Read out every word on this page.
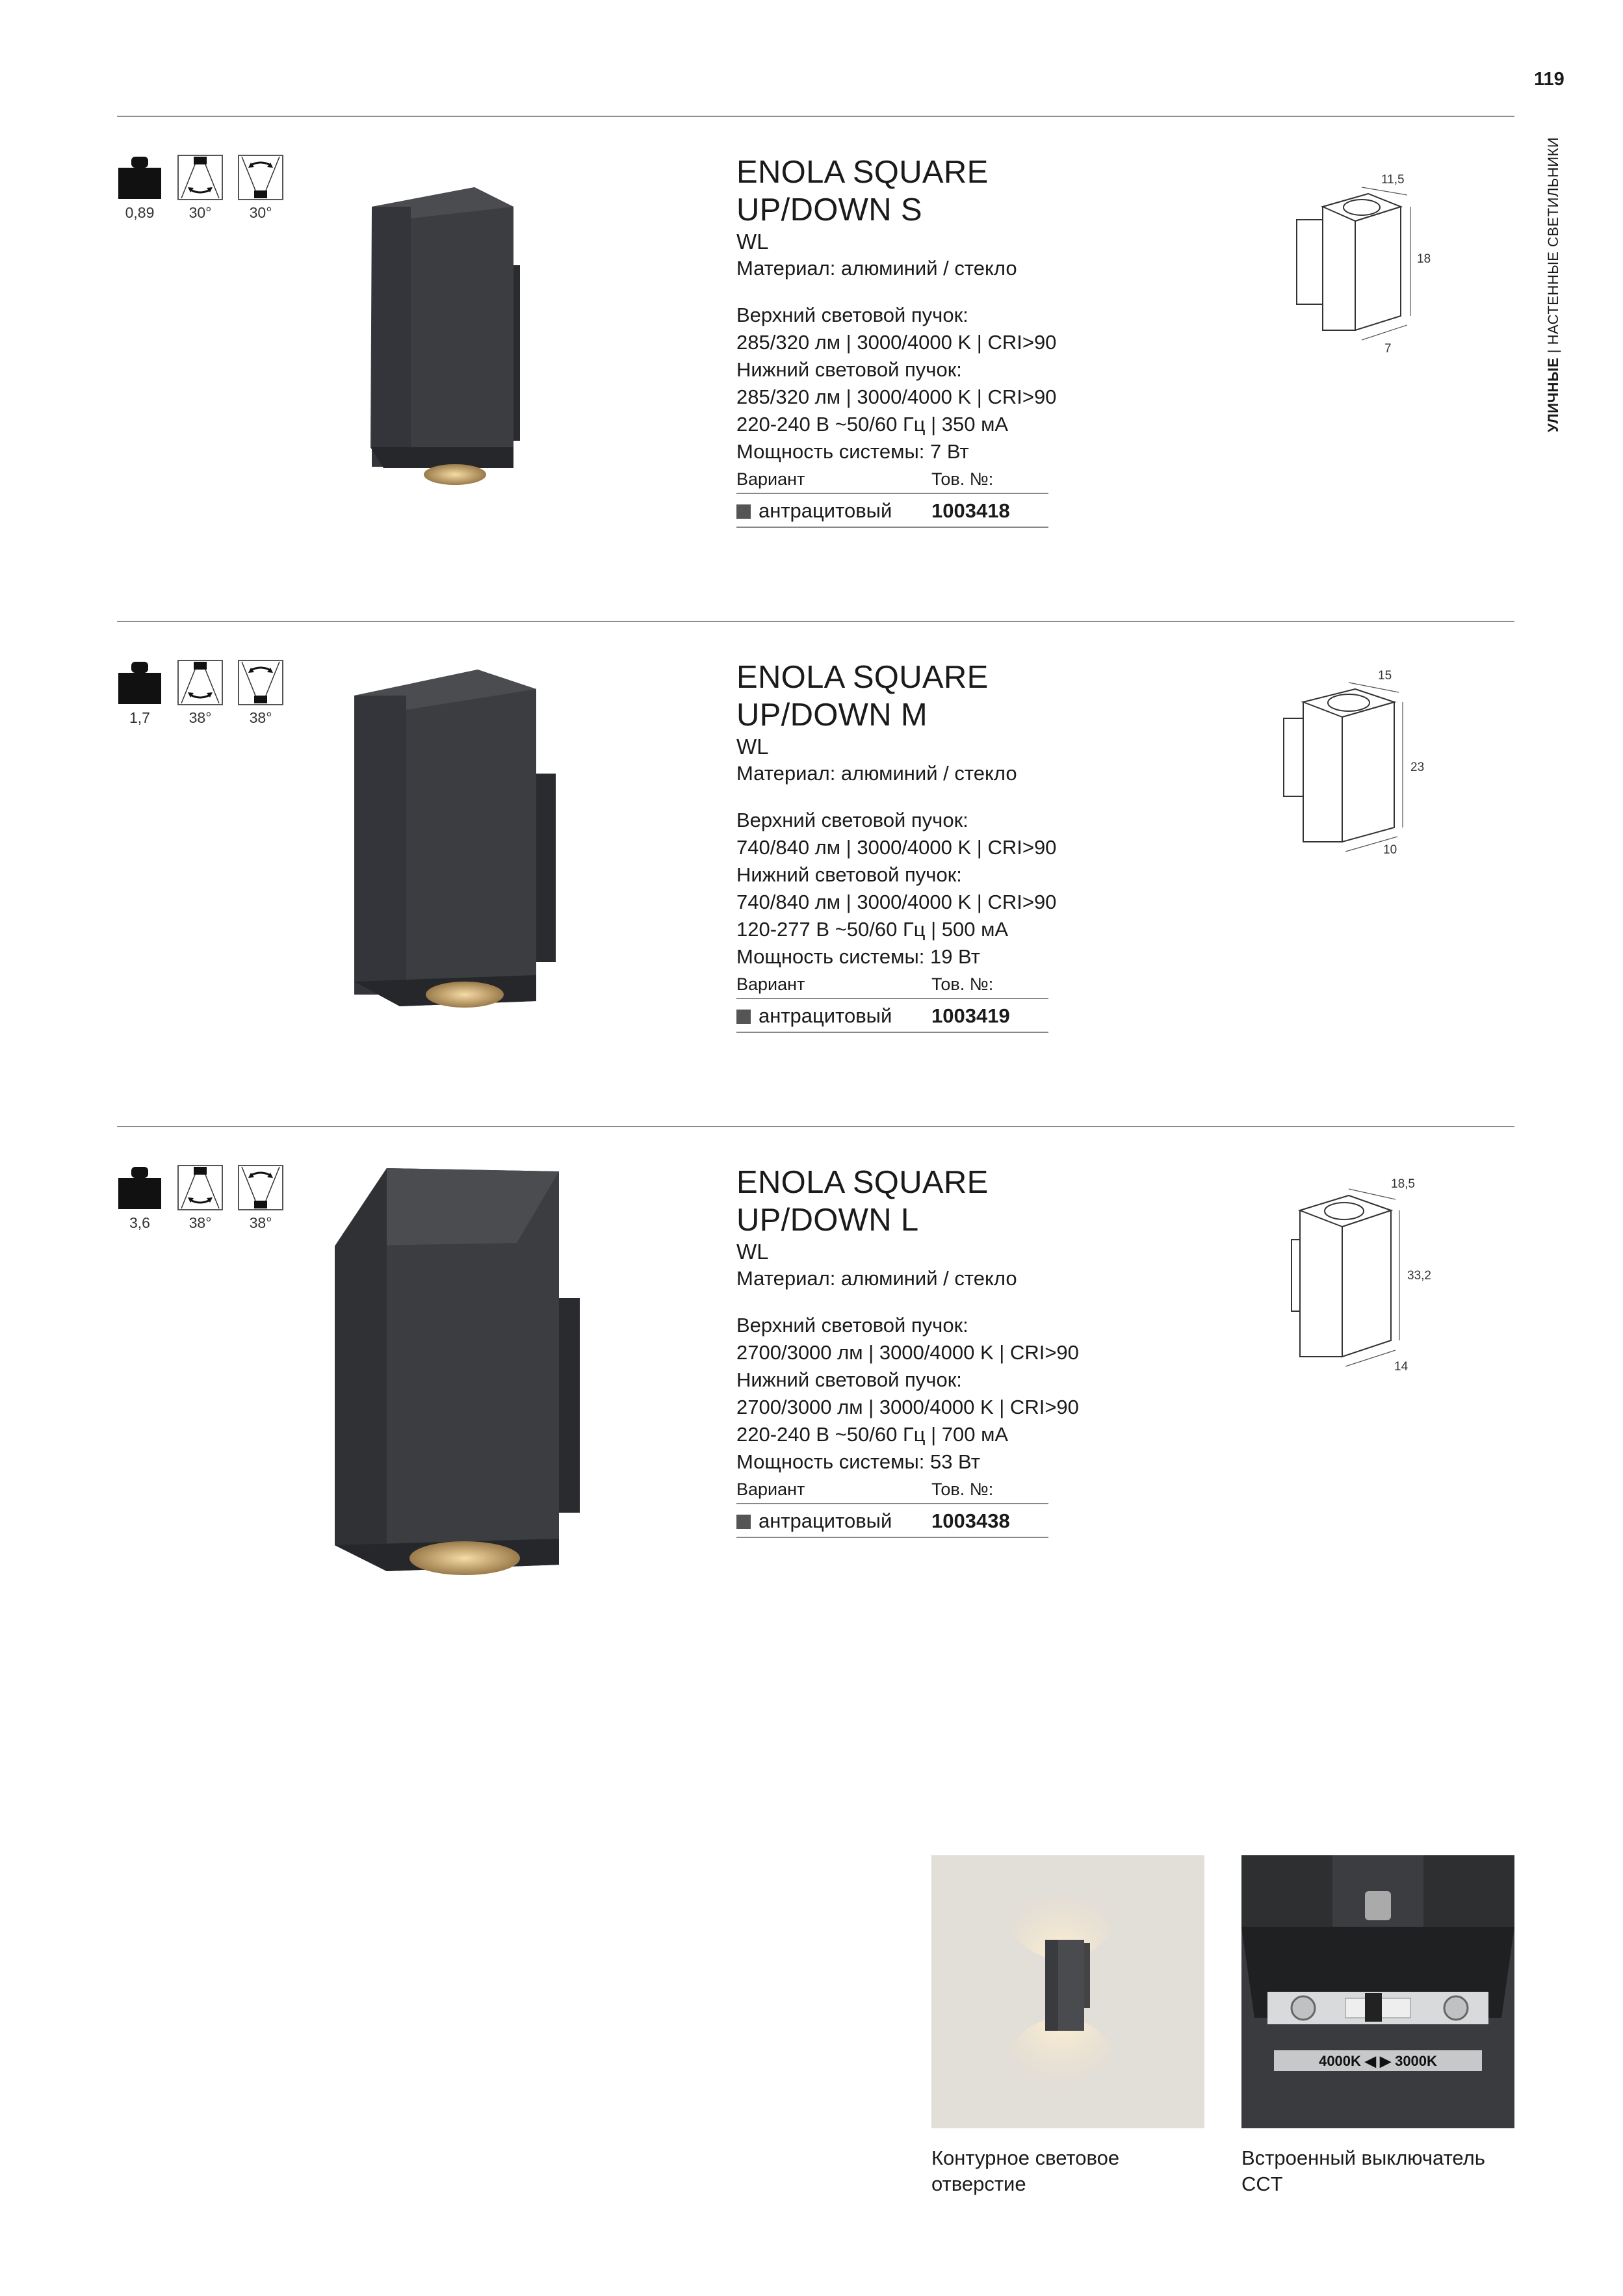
119
УЛИЧНЫЕ | НАСТЕННЫЕ СВЕТИЛЬНИКИ
0,89	30°	30°
ENOLA SQUARE UP/DOWN S
WL
Материал: алюминий / стекло
Верхний световой пучок:
285/320 лм | 3000/4000 K | CRI>90
Нижний световой пучок:
285/320 лм | 3000/4000 K | CRI>90
220-240 В ~50/60 Гц | 350 мА
Мощность системы: 7 Вт
Вариант	Тов. №:
антрацитовый 1003418
11,5
18
7
1,7	38°	38°
ENOLA SQUARE UP/DOWN M
WL
Материал: алюминий / стекло
Верхний световой пучок:
740/840 лм | 3000/4000 K | CRI>90
Нижний световой пучок:
740/840 лм | 3000/4000 K | CRI>90
120-277 В ~50/60 Гц | 500 мА
Мощность системы: 19 Вт
Вариант	Тов. №:
антрацитовый 1003419
15
23
10
3,6	38°	38°
ENOLA SQUARE UP/DOWN L
WL
Материал: алюминий / стекло
Верхний световой пучок:
2700/3000 лм | 3000/4000 K | CRI>90
Нижний световой пучок:
2700/3000 лм | 3000/4000 K | CRI>90
220-240 В ~50/60 Гц | 700 мА
Мощность системы: 53 Вт
Вариант	Тов. №:
антрацитовый 1003438
18,5
33,2
14
4000K ◀ ▶ 3000K
Контурное световое
отверстие
Встроенный выключатель
CCT
